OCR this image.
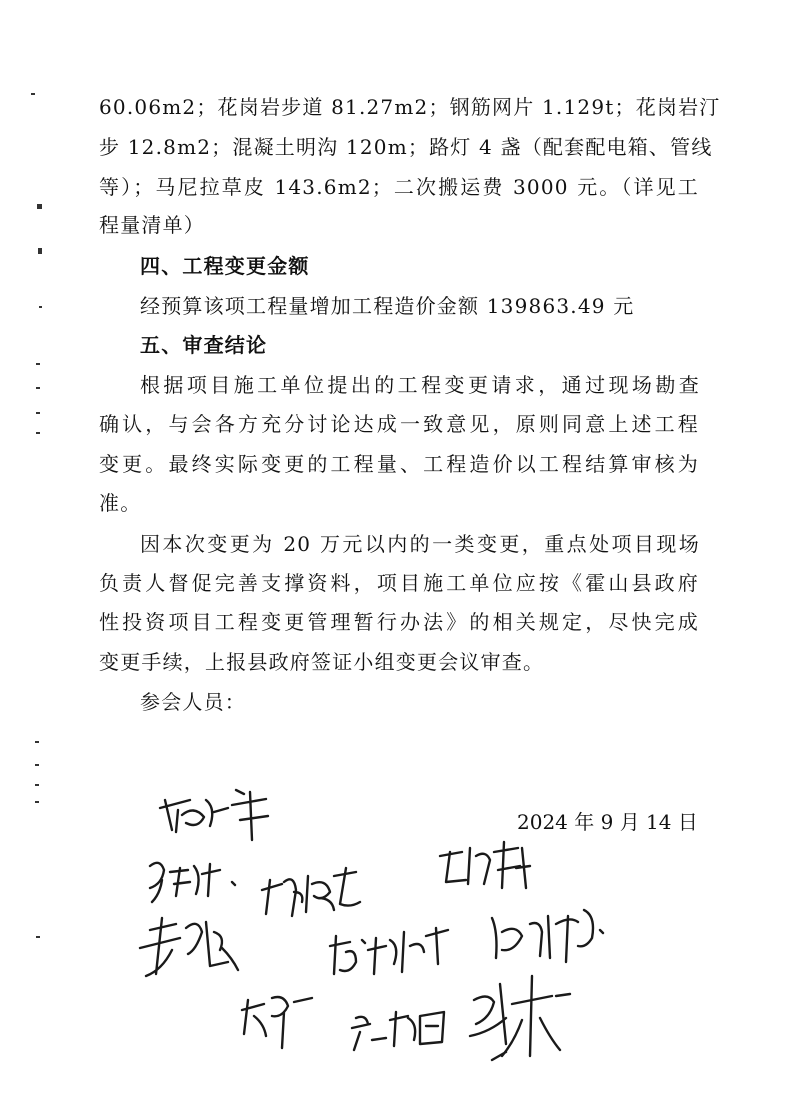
60.06m2；花岗岩步道 81.27m2；钢筋网片 1.129t；花岗岩汀
步 12.8m2；混凝土明沟 120m；路灯 4 盏（配套配电箱、管线
等）；马尼拉草皮 143.6m2；二次搬运费 3000 元。（详见工
程量清单）
四、工程变更金额
经预算该项工程量增加工程造价金额 139863.49 元
五、审查结论
根据项目施工单位提出的工程变更请求，通过现场勘查
确认，与会各方充分讨论达成一致意见，原则同意上述工程
变更。最终实际变更的工程量、工程造价以工程结算审核为
准。
因本次变更为 20 万元以内的一类变更，重点处项目现场
负责人督促完善支撑资料，项目施工单位应按《霍山县政府
性投资项目工程变更管理暂行办法》的相关规定，尽快完成
变更手续，上报县政府签证小组变更会议审查。
参会人员：
2024 年 9 月 14 日
